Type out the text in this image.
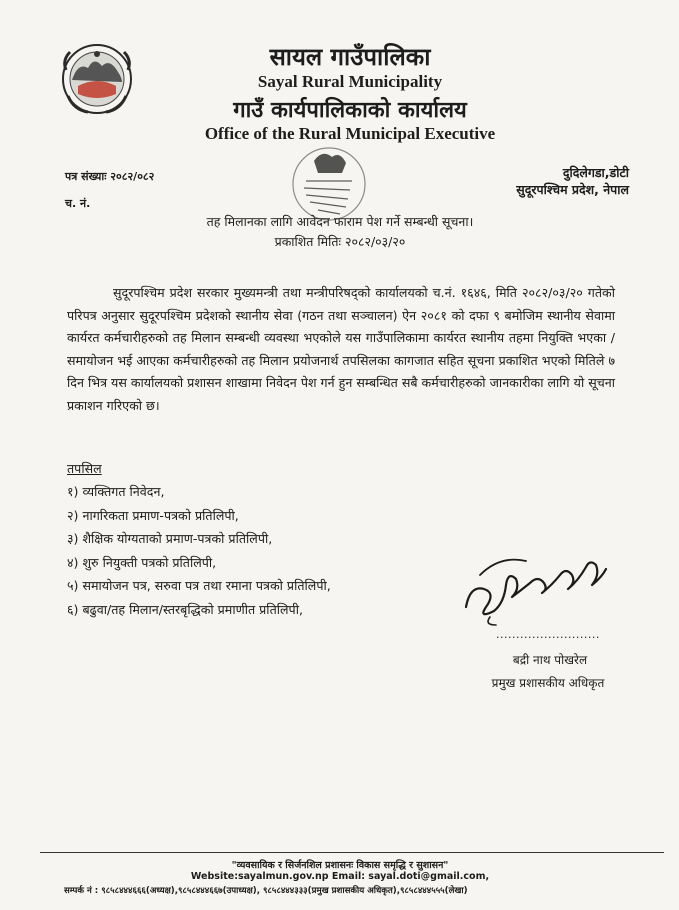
सायल गाउँपालिका
Sayal Rural Municipality
गाउँ कार्यपालिकाको कार्यालय
Office of the Rural Municipal Executive
पत्र संख्याः २०८२/०८२
च. नं.
दुदिलेगडा,डोटी
सुदूरपश्चिम प्रदेश, नेपाल
तह मिलानका लागि आवेदन फाराम पेश गर्ने सम्बन्धी सूचना।
प्रकाशित मितिः २०८२/०३/२०

सुदूरपश्चिम प्रदेश सरकार मुख्यमन्त्री तथा मन्त्रीपरिषद्को कार्यालयको च.नं. १६४६, मिति २०८२/०३/२० गतेको परिपत्र अनुसार सुदूरपश्चिम प्रदेशको स्थानीय सेवा (गठन तथा सञ्चालन) ऐन २०८१ को दफा ९ बमोजिम स्थानीय सेवामा कार्यरत कर्मचारीहरुको तह मिलान सम्बन्धी व्यवस्था भएकोले यस गाउँपालिकामा कार्यरत स्थानीय तहमा नियुक्ति भएका / समायोजन भई आएका कर्मचारीहरुको तह मिलान प्रयोजनार्थ तपसिलका कागजात सहित सूचना प्रकाशित भएको मितिले ७ दिन भित्र यस कार्यालयको प्रशासन शाखामा निवेदन पेश गर्न हुन सम्बन्धित सबै कर्मचारीहरुको जानकारीका लागि यो सूचना प्रकाशन गरिएको छ।

तपसिल
१) व्यक्तिगत निवेदन,
२) नागरिकता प्रमाण-पत्रको प्रतिलिपी,
३) शैक्षिक योग्यताको प्रमाण-पत्रको प्रतिलिपी,
४) शुरु नियुक्ती पत्रको प्रतिलिपी,
५) समायोजन पत्र, सरुवा पत्र तथा रमाना पत्रको प्रतिलिपी,
६) बढुवा/तह मिलान/स्तरबृद्धिको प्रमाणीत प्रतिलिपी,
..........................
बद्री नाथ पोखरेल
प्रमुख प्रशासकीय अधिकृत
"व्यवसायिक र सिर्जनशिल प्रशासनः विकास समृद्धि र सुशासन"
Website:sayalmun.gov.np Email: sayal.doti@gmail.com,
सम्पर्क नं : ९८५८४४४६६६(अध्यक्ष),९८५८४४४६६७(उपाध्यक्ष), ९८५८४४४३३३(प्रमुख प्रशासकीय अधिकृत),९८५८४४४५५५(लेखा)
